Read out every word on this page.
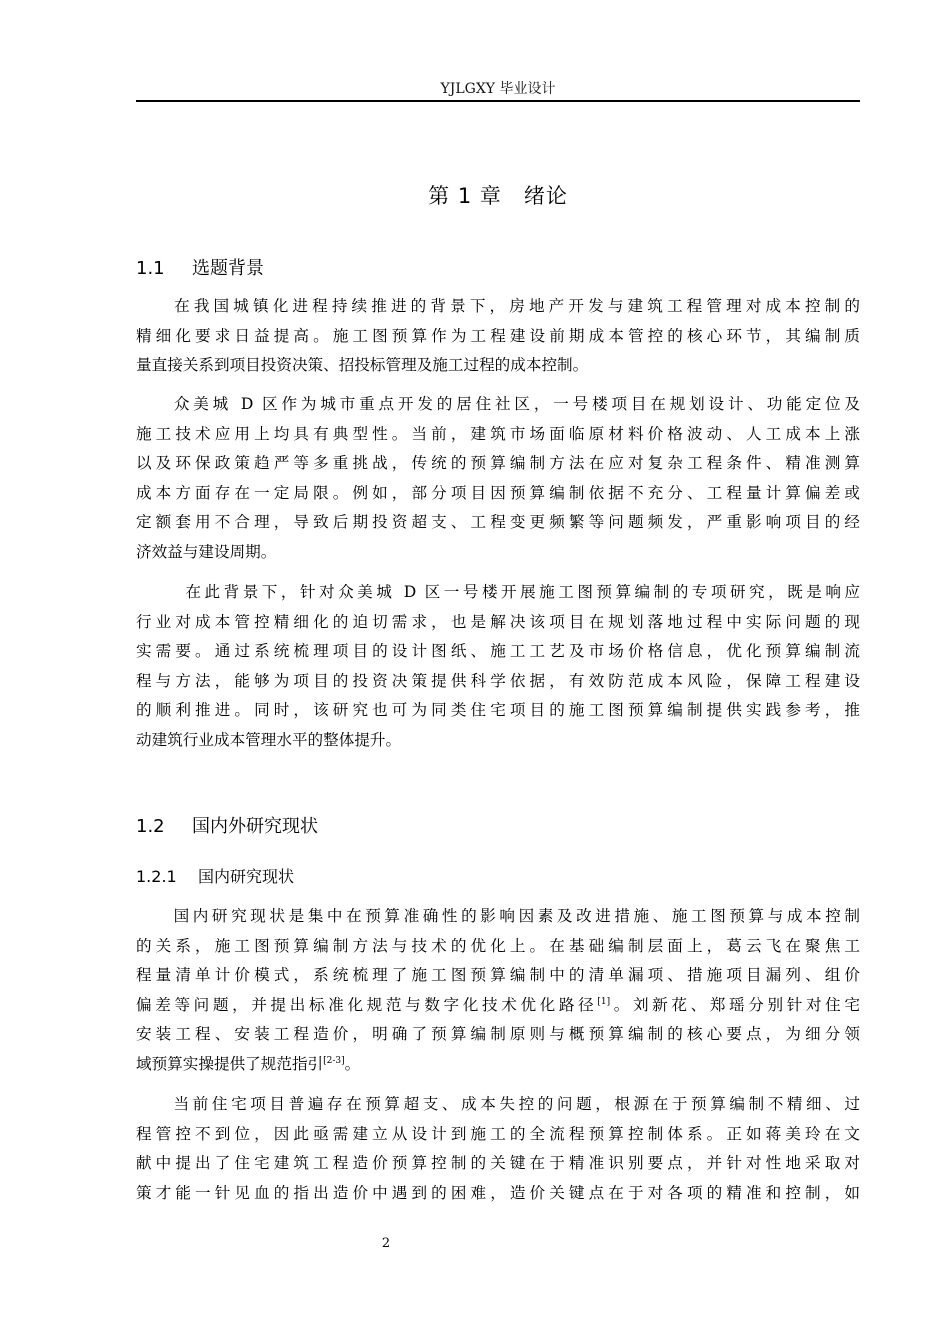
YJLGXY 毕业设计
第 1 章　绪论
1.1 选题背景
在我国城镇化进程持续推进的背景下，房地产开发与建筑工程管理对成本控制的
精细化要求日益提高。施工图预算作为工程建设前期成本管控的核心环节，其编制质
量直接关系到项目投资决策、招投标管理及施工过程的成本控制。
众美城 D 区作为城市重点开发的居住社区，一号楼项目在规划设计、功能定位及
施工技术应用上均具有典型性。当前，建筑市场面临原材料价格波动、人工成本上涨
以及环保政策趋严等多重挑战，传统的预算编制方法在应对复杂工程条件、精准测算
成本方面存在一定局限。例如，部分项目因预算编制依据不充分、工程量计算偏差或
定额套用不合理，导致后期投资超支、工程变更频繁等问题频发，严重影响项目的经
济效益与建设周期。
在此背景下，针对众美城 D 区一号楼开展施工图预算编制的专项研究，既是响应
行业对成本管控精细化的迫切需求，也是解决该项目在规划落地过程中实际问题的现
实需要。通过系统梳理项目的设计图纸、施工工艺及市场价格信息，优化预算编制流
程与方法，能够为项目的投资决策提供科学依据，有效防范成本风险，保障工程建设
的顺利推进。同时，该研究也可为同类住宅项目的施工图预算编制提供实践参考，推
动建筑行业成本管理水平的整体提升。
1.2 国内外研究现状
1.2.1 国内研究现状
国内研究现状是集中在预算准确性的影响因素及改进措施、施工图预算与成本控制
的关系，施工图预算编制方法与技术的优化上。在基础编制层面上，葛云飞在聚焦工
程量清单计价模式，系统梳理了施工图预算编制中的清单漏项、措施项目漏列、组价
偏差等问题，并提出标准化规范与数字化技术优化路径[1]。刘新花、郑瑶分别针对住宅
安装工程、安装工程造价，明确了预算编制原则与概预算编制的核心要点，为细分领
域预算实操提供了规范指引[2-3]。
当前住宅项目普遍存在预算超支、成本失控的问题，根源在于预算编制不精细、过
程管控不到位，因此亟需建立从设计到施工的全流程预算控制体系。正如蒋美玲在文
献中提出了住宅建筑工程造价预算控制的关键在于精准识别要点，并针对性地采取对
策才能一针见血的指出造价中遇到的困难，造价关键点在于对各项的精准和控制，如
2
